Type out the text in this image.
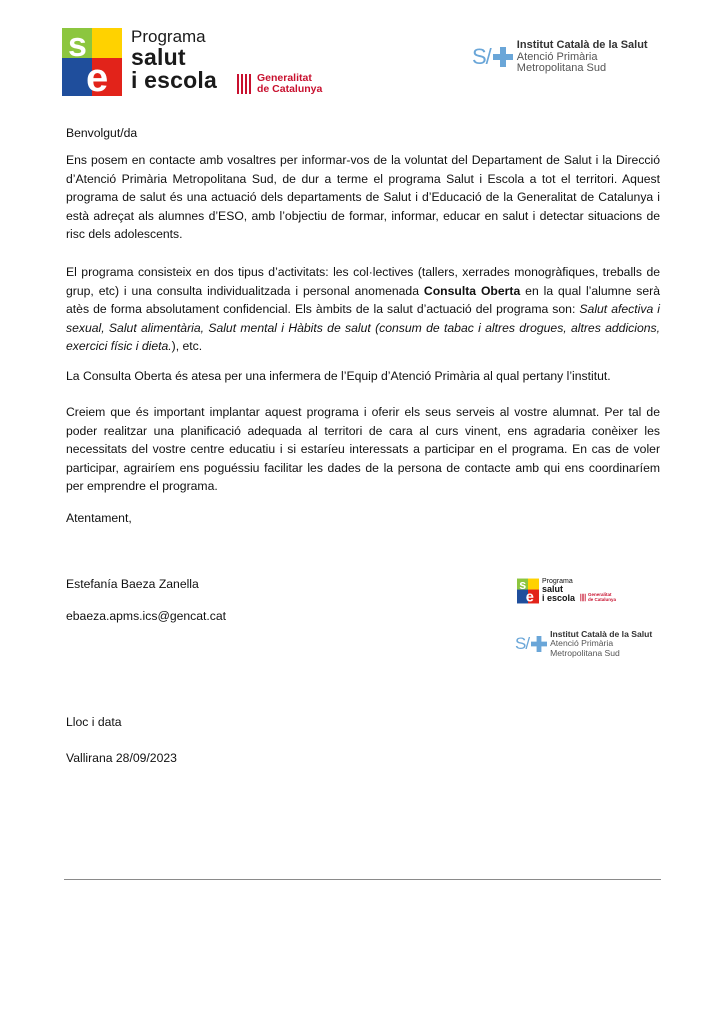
s
e
Programa
salut
i escola	Generalitat
de Catalunya
S/ Institut Català de la Salut
Atenció Primària
Metropolitana Sud
Benvolgut/da

Ens posem en contacte amb vosaltres per informar-vos de la voluntat del Departament de Salut i la Direcció d’Atenció Primària Metropolitana Sud, de dur a terme el programa Salut i Escola a tot el territori. Aquest programa de salut és una actuació dels departaments de Salut i d’Educació de la Generalitat de Catalunya i està adreçat als alumnes d’ESO, amb l’objectiu de formar, informar, educar en salut i detectar situacions de risc dels adolescents.

El programa consisteix en dos tipus d’activitats: les col·lectives (tallers, xerrades monogràfiques, treballs de grup, etc) i una consulta individualitzada i personal anomenada Consulta Oberta en la qual l’alumne serà atès de forma absolutament confidencial. Els àmbits de la salut d’actuació del programa son: Salut afectiva i sexual, Salut alimentària, Salut mental i Hàbits de salut (consum de tabac i altres drogues, altres addicions, exercici físic i dieta.), etc.

La Consulta Oberta és atesa per una infermera de l’Equip d’Atenció Primària al qual pertany l’institut.

Creiem que és important implantar aquest programa i oferir els seus serveis al vostre alumnat. Per tal de poder realitzar una planificació adequada al territori de cara al curs vinent, ens agradaria conèixer les necessitats del vostre centre educatiu i si estaríeu interessats a participar en el programa. En cas de voler participar, agrairíem ens poguéssiu facilitar les dades de la persona de contacte amb qui ens coordinaríem per emprendre el programa.

Atentament,
Estefanía Baeza Zanella
ebaeza.apms.ics@gencat.cat
s
e
Programa
salut
i escola	Generalitat
de Catalunya
S/
Institut Català de la Salut
Atenció Primària
Metropolitana Sud
Lloc i data
Vallirana 28/09/2023
